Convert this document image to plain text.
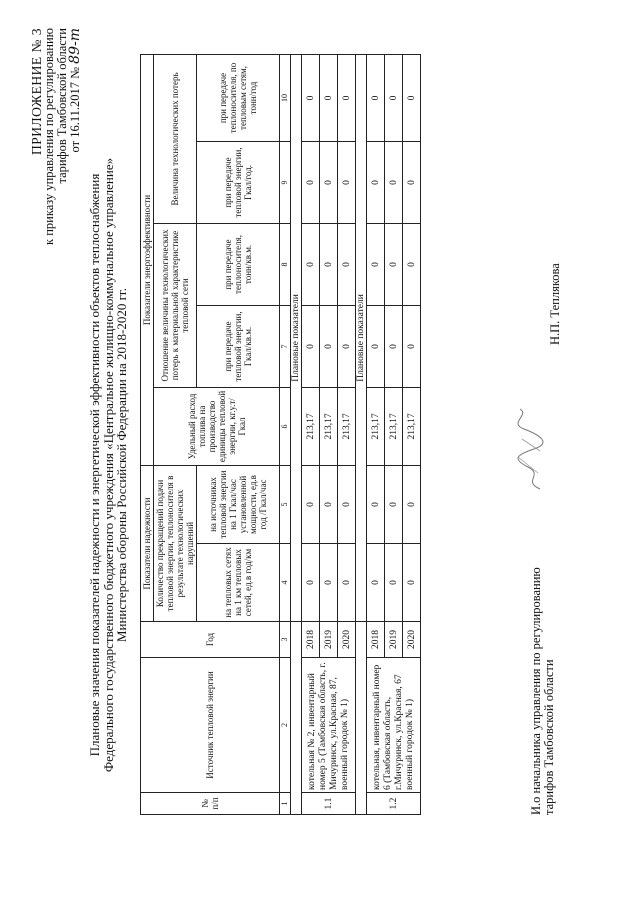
ПРИЛОЖЕНИЕ № 3
к приказу управления по регулированию тарифов Тамбовской области от 16.11.2017 № 89-т
Плановые значения показателей надежности и энергетической эффективности объектов теплоснабжения
Федерального государственного бюджетного учреждения «Центральное жилищно-коммунальное управление»
Министерства обороны Российской Федерации на 2018-2020 гг.
№ п/п	Источник тепловой энергии	Год	Показатели надежности		Показатели энергоэффективности				
			Количество прекращений подачи тепловой энергии, теплоносителя в результате технологических нарушений		Удельный расход топлива на производство единицы тепловой энергии, кг.у.т/Гкал	Отношение величины технологических потерь к материальной характеристике тепловой сети		Величина технологических потерь	

			на тепловых сетях на 1 км тепловых сетей, ед.в год/км	на источниках тепловой энергии на 1 Гкал/час установленной мощности, ед.в год /Гкал/час		при передаче тепловой энергии, Гкал/кв.м.	при передаче теплоносителя, тонн/кв.м.	при передаче тепловой энергии, Гкал/год.	при передаче теплоносителя, по тепловым сетям, тонн/год
1	2	3	4	5	6	7	8	9	10
			Плановые показатели						
1.1	котельная № 2, инвентарный номер 5 (Тамбовская область, г. Мичуринск, ул.Красная, 87, военный городок № 1)	2018	0	0	213,17	0	0	0	0
		2019	0	0	213,17	0	0	0	0
		2020	0	0	213,17	0	0	0	0
			Плановые показатели						
1.2	котельная, инвентарный номер 6 (Тамбовская область, г.Мичуринск, ул.Красная, 67 военный городок № 1)	2018	0	0	213,17	0	0	0	0
		2019	0	0	213,17	0	0	0	0
		2020	0	0	213,17	0	0	0	0
И.о начальника управления по регулированию тарифов Тамбовской области
Н.П. Теплякова
